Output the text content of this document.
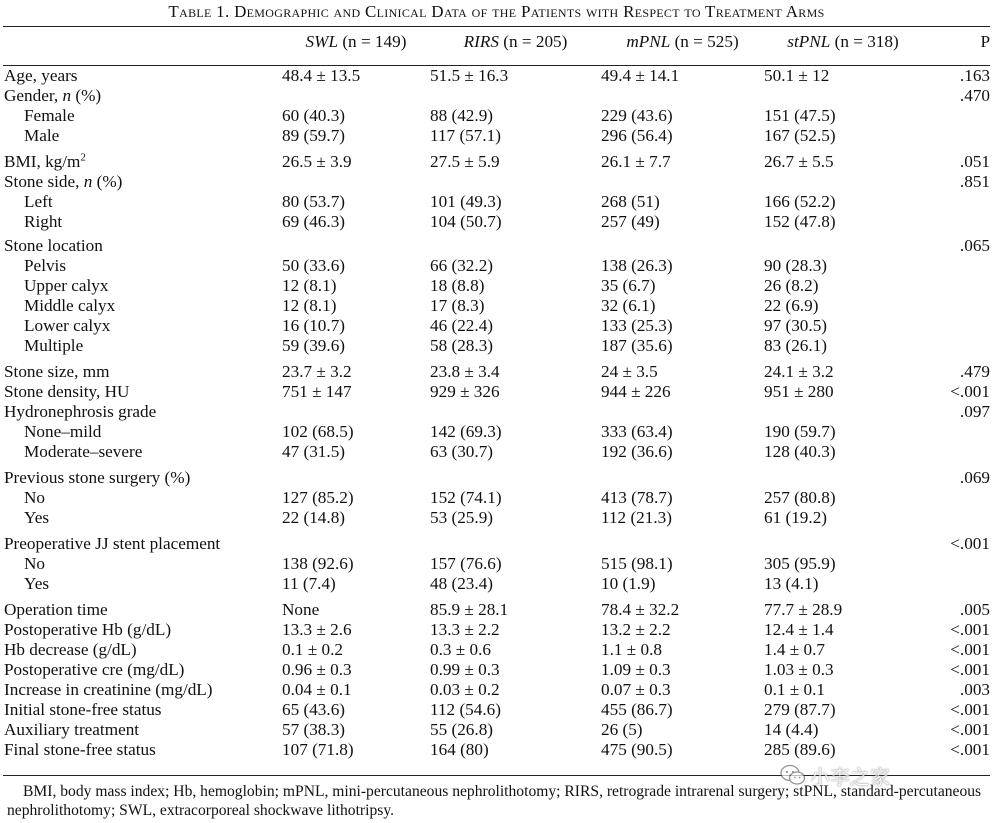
Table 1. Demographic and Clinical Data of the Patients with Respect to Treatment Arms
	SWL (n = 149)	RIRS (n = 205)	mPNL (n = 525)	stPNL (n = 318)	P
Age, years	48.4 ± 13.5	51.5 ± 16.3	49.4 ± 14.1	50.1 ± 12	.163
Gender, n (%)					.470
Female	60 (40.3)	88 (42.9)	229 (43.6)	151 (47.5)	
Male	89 (59.7)	117 (57.1)	296 (56.4)	167 (52.5)	
BMI, $kg/m^2$	26.5 ± 3.9	27.5 ± 5.9	26.1 ± 7.7	26.7 ± 5.5	.051
Stone side, n (%)					.851
Left	80 (53.7)	101 (49.3)	268 (51)	166 (52.2)	
Right	69 (46.3)	104 (50.7)	257 (49)	152 (47.8)	
Stone location					.065
Pelvis	50 (33.6)	66 (32.2)	138 (26.3)	90 (28.3)	
Upper calyx	12 (8.1)	18 (8.8)	35 (6.7)	26 (8.2)	
Middle calyx	12 (8.1)	17 (8.3)	32 (6.1)	22 (6.9)	
Lower calyx	16 (10.7)	46 (22.4)	133 (25.3)	97 (30.5)	
Multiple	59 (39.6)	58 (28.3)	187 (35.6)	83 (26.1)	
Stone size, mm	23.7 ± 3.2	23.8 ± 3.4	24 ± 3.5	24.1 ± 3.2	.479
Stone density, HU	751 ± 147	929 ± 326	944 ± 226	951 ± 280	<.001
Hydronephrosis grade					.097
None–mild	102 (68.5)	142 (69.3)	333 (63.4)	190 (59.7)	
Moderate–severe	47 (31.5)	63 (30.7)	192 (36.6)	128 (40.3)	
Previous stone surgery (%)					.069
No	127 (85.2)	152 (74.1)	413 (78.7)	257 (80.8)	
Yes	22 (14.8)	53 (25.9)	112 (21.3)	61 (19.2)	
Preoperative JJ stent placement					<.001
No	138 (92.6)	157 (76.6)	515 (98.1)	305 (95.9)	
Yes	11 (7.4)	48 (23.4)	10 (1.9)	13 (4.1)	
Operation time	None	85.9 ± 28.1	78.4 ± 32.2	77.7 ± 28.9	.005
Postoperative Hb (g/dL)	13.3 ± 2.6	13.3 ± 2.2	13.2 ± 2.2	12.4 ± 1.4	<.001
Hb decrease (g/dL)	0.1 ± 0.2	0.3 ± 0.6	1.1 ± 0.8	1.4 ± 0.7	<.001
Postoperative cre (mg/dL)	0.96 ± 0.3	0.99 ± 0.3	1.09 ± 0.3	1.03 ± 0.3	<.001
Increase in creatinine (mg/dL)	0.04 ± 0.1	0.03 ± 0.2	0.07 ± 0.3	0.1 ± 0.1	.003
Initial stone-free status	65 (43.6)	112 (54.6)	455 (86.7)	279 (87.7)	<.001
Auxiliary treatment	57 (38.3)	55 (26.8)	26 (5)	14 (4.4)	<.001
Final stone-free status	107 (71.8)	164 (80)	475 (90.5)	285 (89.6)	<.001
小李之家
BMI, body mass index; Hb, hemoglobin; mPNL, mini-percutaneous nephrolithotomy; RIRS, retrograde intrarenal surgery; stPNL, standard-percutaneous nephrolithotomy; SWL, extracorporeal shockwave lithotripsy.
